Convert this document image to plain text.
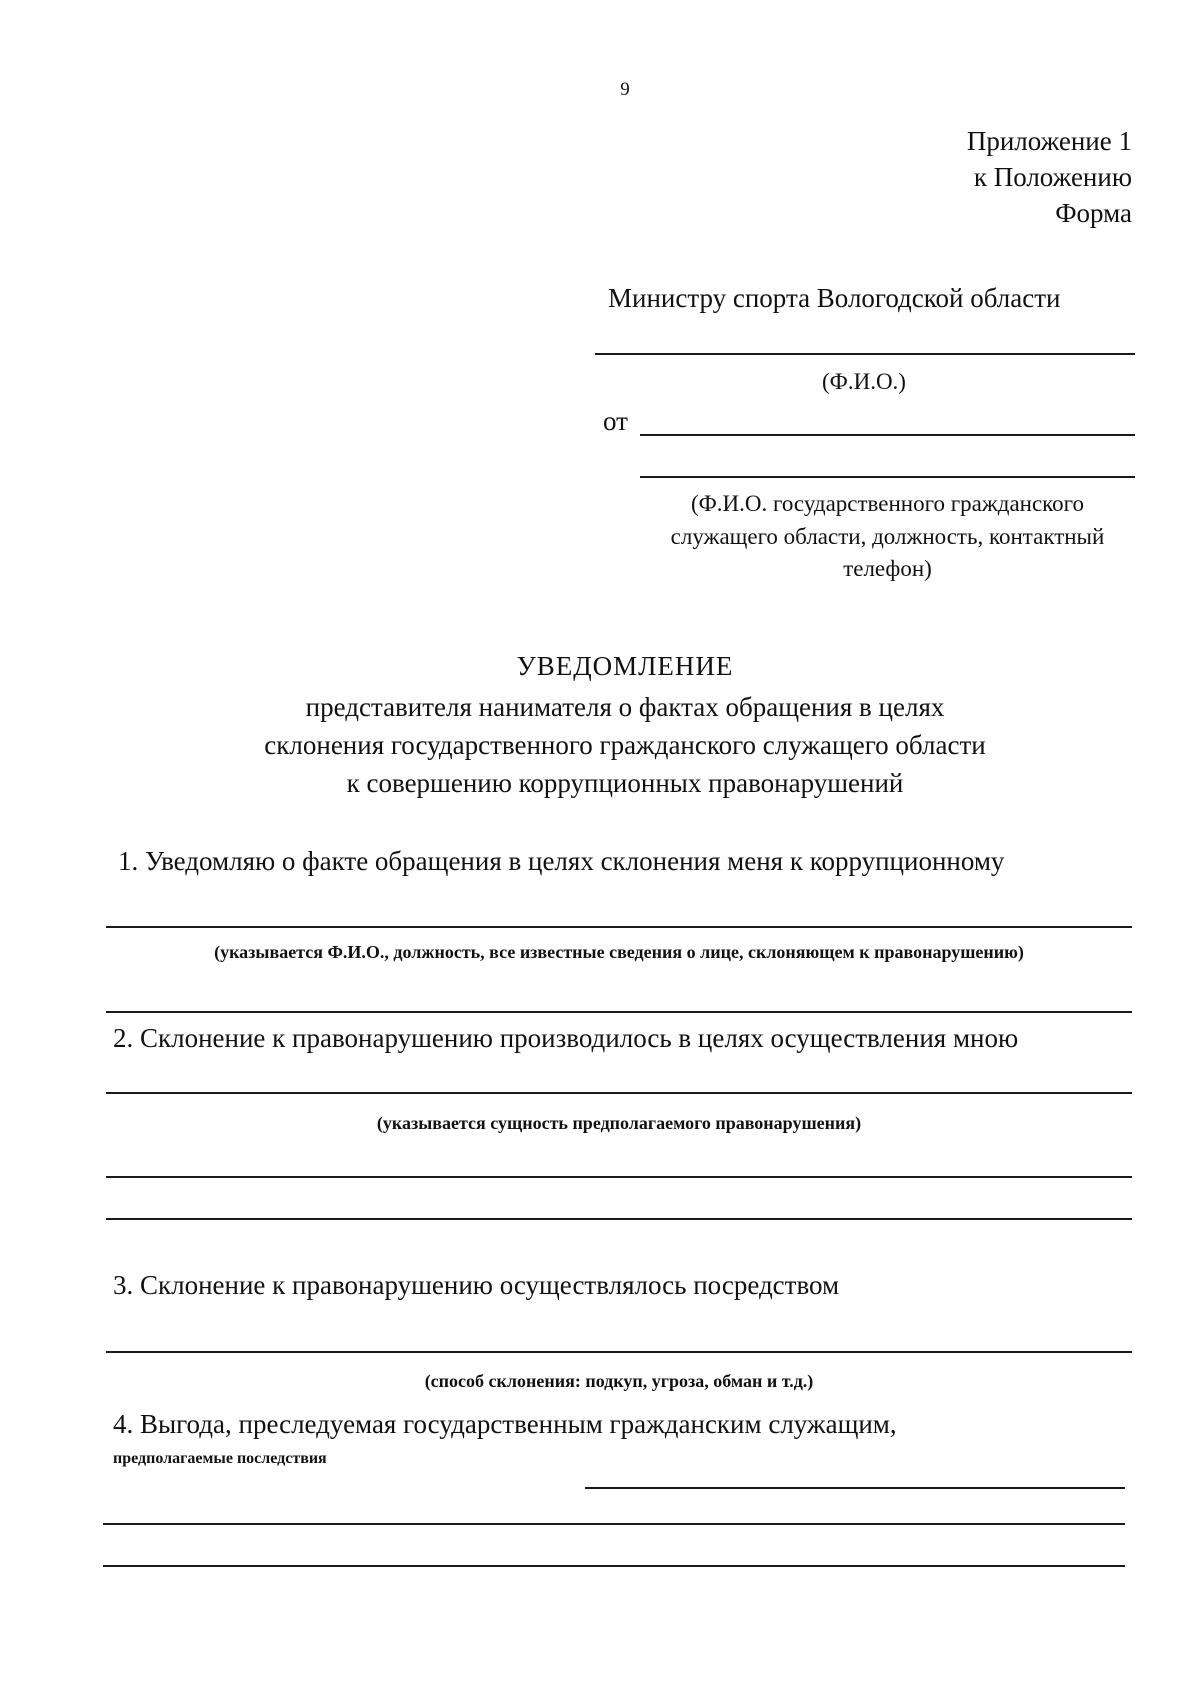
9
Приложение 1
к Положению
Форма
Министру спорта Вологодской области
(Ф.И.О.)
от
(Ф.И.О. государственного гражданского
служащего области, должность, контактный
телефон)
УВЕДОМЛЕНИЕ
представителя нанимателя о фактах обращения в целях
склонения государственного гражданского служащего области
к совершению коррупционных правонарушений
1. Уведомляю о факте обращения в целях склонения меня к коррупционному
(указывается Ф.И.О., должность, все известные сведения о лице, склоняющем к правонарушению)
2. Склонение к правонарушению производилось в целях осуществления мною
(указывается сущность предполагаемого правонарушения)
3. Склонение к правонарушению осуществлялось посредством
(способ склонения: подкуп, угроза, обман и т.д.)
4. Выгода, преследуемая государственным гражданским служащим,
предполагаемые последствия
